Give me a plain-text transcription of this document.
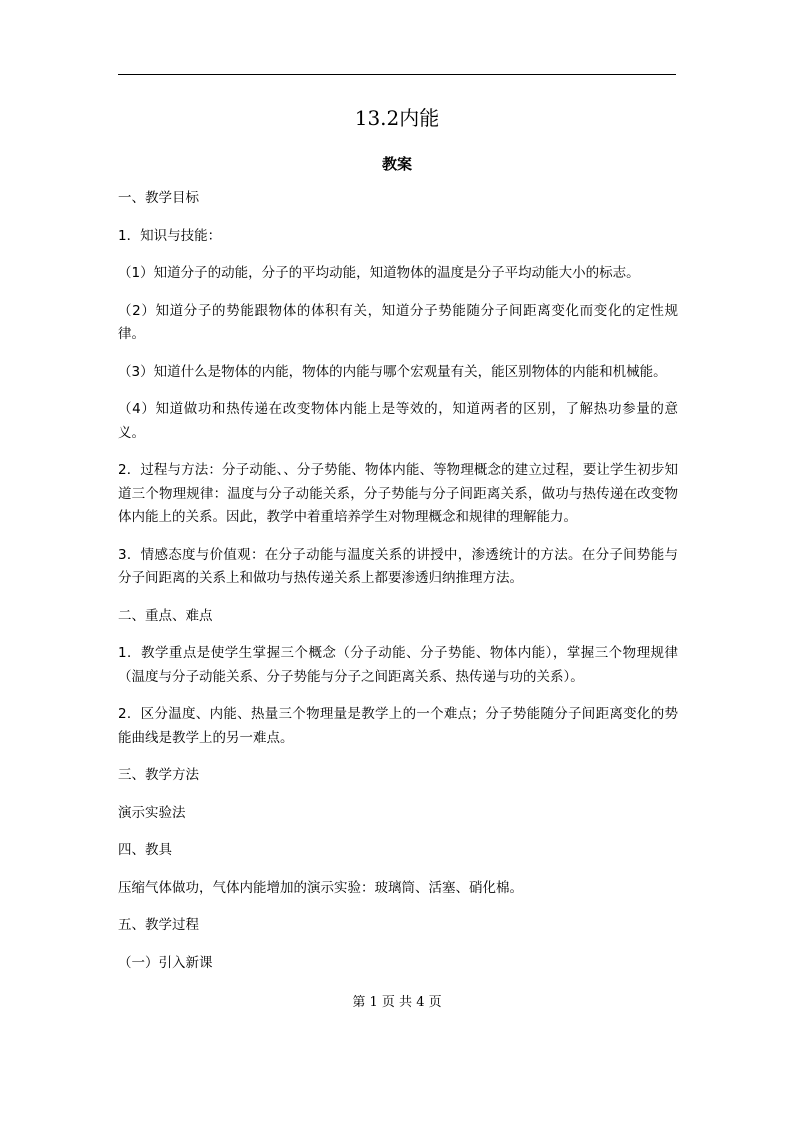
13.2内能
教案

一、教学目标

1．知识与技能：

（1）知道分子的动能，分子的平均动能，知道物体的温度是分子平均动能大小的标志。

（2）知道分子的势能跟物体的体积有关，知道分子势能随分子间距离变化而变化的定性规律。

（3）知道什么是物体的内能，物体的内能与哪个宏观量有关，能区别物体的内能和机械能。

（4）知道做功和热传递在改变物体内能上是等效的，知道两者的区别，了解热功参量的意义。

2．过程与方法：分子动能、、分子势能、物体内能、等物理概念的建立过程，要让学生初步知道三个物理规律：温度与分子动能关系，分子势能与分子间距离关系，做功与热传递在改变物体内能上的关系。因此，教学中着重培养学生对物理概念和规律的理解能力。

3．情感态度与价值观：在分子动能与温度关系的讲授中，渗透统计的方法。在分子间势能与分子间距离的关系上和做功与热传递关系上都要渗透归纳推理方法。

二、重点、难点

1．教学重点是使学生掌握三个概念（分子动能、分子势能、物体内能），掌握三个物理规律（温度与分子动能关系、分子势能与分子之间距离关系、热传递与功的关系）。

2．区分温度、内能、热量三个物理量是教学上的一个难点；分子势能随分子间距离变化的势能曲线是教学上的另一难点。

三、教学方法

演示实验法

四、教具

压缩气体做功，气体内能增加的演示实验：玻璃筒、活塞、硝化棉。

五、教学过程

（一）引入新课

第 1 页 共 4 页
